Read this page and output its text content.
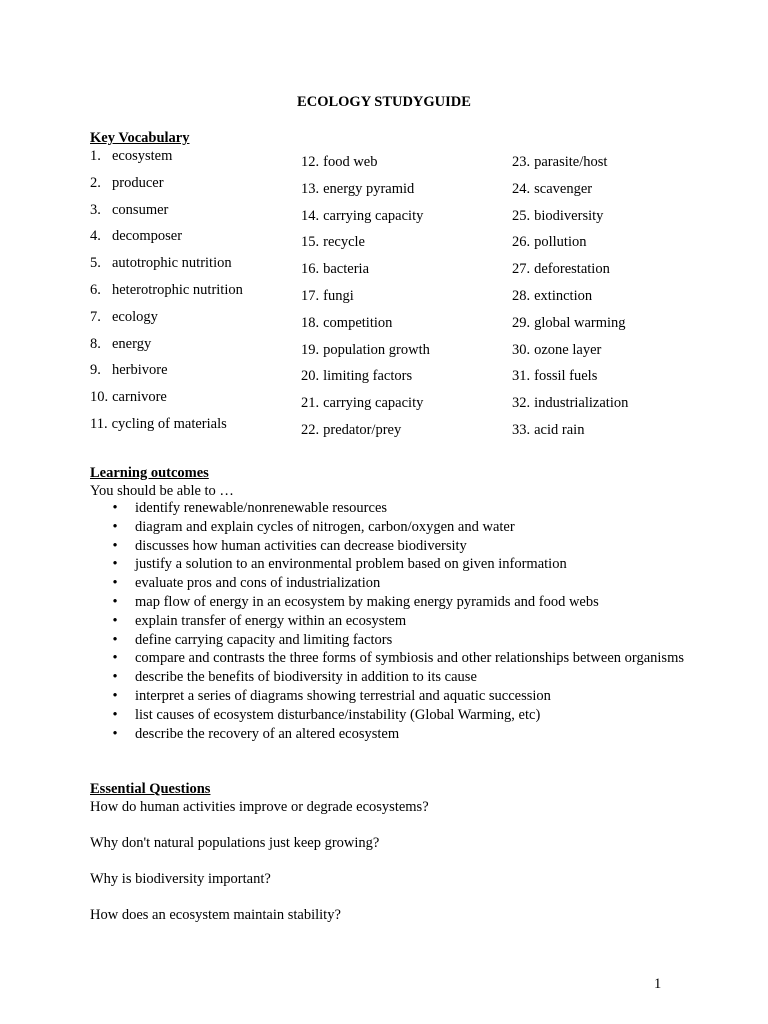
ECOLOGY STUDYGUIDE
Key Vocabulary
1. ecosystem
2. producer
3. consumer
4. decomposer
5. autotrophic nutrition
6. heterotrophic nutrition
7. ecology
8. energy
9. herbivore
10. carnivore
11. cycling of materials
12. food web
13. energy pyramid
14. carrying capacity
15. recycle
16. bacteria
17. fungi
18. competition
19. population growth
20. limiting factors
21. carrying capacity
22. predator/prey
23. parasite/host
24. scavenger
25. biodiversity
26. pollution
27. deforestation
28. extinction
29. global warming
30. ozone layer
31. fossil fuels
32. industrialization
33. acid rain
Learning outcomes
You should be able to …
• identify renewable/nonrenewable resources
• diagram and explain cycles of nitrogen, carbon/oxygen and water
• discusses how human activities can decrease biodiversity
• justify a solution to an environmental problem based on given information
• evaluate pros and cons of industrialization
• map flow of energy in an ecosystem by making energy pyramids and food webs
• explain transfer of energy within an ecosystem
• define carrying capacity and limiting factors
• compare and contrasts the three forms of symbiosis and other relationships between organisms
• describe the benefits of biodiversity in addition to its cause
• interpret a series of diagrams showing terrestrial and aquatic succession
• list causes of ecosystem disturbance/instability (Global Warming, etc)
• describe the recovery of an altered ecosystem
Essential Questions
How do human activities improve or degrade ecosystems?
Why don't natural populations just keep growing?
Why is biodiversity important?
How does an ecosystem maintain stability?
1
